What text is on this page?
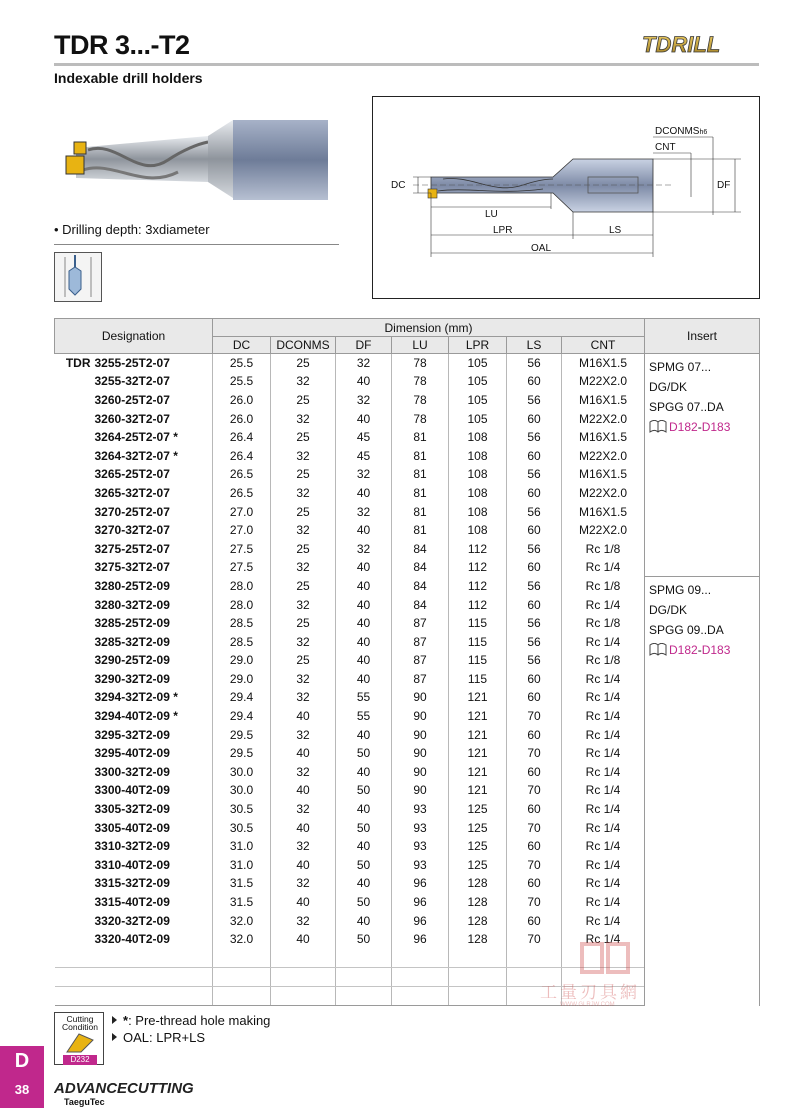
TDR 3...-T2	TDRILL
Indexable drill holders
• Drilling depth: 3xdiameter
DCONMSh6
CNT
DC	DF
LU
LPR	LS
OAL
Designation		Dimension (mm)							Insert
		DC	DCONMS	DF	LU	LPR	LS	CNT	
TDR	3255-25T2-07	25.5	25	32	78	105	56	M16X1.5	SPMG 07...
DG/DK
SPGG 07..DA
D182-D183

	3255-32T2-07	25.5	32	40	78	105	60	M22X2.0	
	3260-25T2-07	26.0	25	32	78	105	56	M16X1.5	
	3260-32T2-07	26.0	32	40	78	105	60	M22X2.0	
	3264-25T2-07 *	26.4	25	45	81	108	56	M16X1.5	
	3264-32T2-07 *	26.4	32	45	81	108	60	M22X2.0	
	3265-25T2-07	26.5	25	32	81	108	56	M16X1.5	
	3265-32T2-07	26.5	32	40	81	108	60	M22X2.0	
	3270-25T2-07	27.0	25	32	81	108	56	M16X1.5	
	3270-32T2-07	27.0	32	40	81	108	60	M22X2.0	
	3275-25T2-07	27.5	25	32	84	112	56	Rc 1/8	
	3275-32T2-07	27.5	32	40	84	112	60	Rc 1/4	
	3280-25T2-09	28.0	25	40	84	112	56	Rc 1/8	SPMG 09...
DG/DK
SPGG 09..DA
D182-D183

	3280-32T2-09	28.0	32	40	84	112	60	Rc 1/4	
	3285-25T2-09	28.5	25	40	87	115	56	Rc 1/8	
	3285-32T2-09	28.5	32	40	87	115	56	Rc 1/4	
	3290-25T2-09	29.0	25	40	87	115	56	Rc 1/8	
	3290-32T2-09	29.0	32	40	87	115	60	Rc 1/4	
	3294-32T2-09 *	29.4	32	55	90	121	60	Rc 1/4	
	3294-40T2-09 *	29.4	40	55	90	121	70	Rc 1/4	
	3295-32T2-09	29.5	32	40	90	121	60	Rc 1/4	
	3295-40T2-09	29.5	40	50	90	121	70	Rc 1/4	
	3300-32T2-09	30.0	32	40	90	121	60	Rc 1/4	
	3300-40T2-09	30.0	40	50	90	121	70	Rc 1/4	
	3305-32T2-09	30.5	32	40	93	125	60	Rc 1/4	
	3305-40T2-09	30.5	40	50	93	125	70	Rc 1/4	
	3310-32T2-09	31.0	32	40	93	125	60	Rc 1/4	
	3310-40T2-09	31.0	40	50	93	125	70	Rc 1/4	
	3315-32T2-09	31.5	32	40	96	128	60	Rc 1/4	
	3315-40T2-09	31.5	40	50	96	128	70	Rc 1/4	
	3320-32T2-09	32.0	32	40	96	128	60	Rc 1/4	
	3320-40T2-09	32.0	40	50	96	128	70	Rc 1/4	

工量刃具網
WWW.GLRJW.COM
Cutting Condition
D232
*: Pre-thread hole making
OAL: LPR+LS
D
38	ADVANCECUTTING
TaeguTec
